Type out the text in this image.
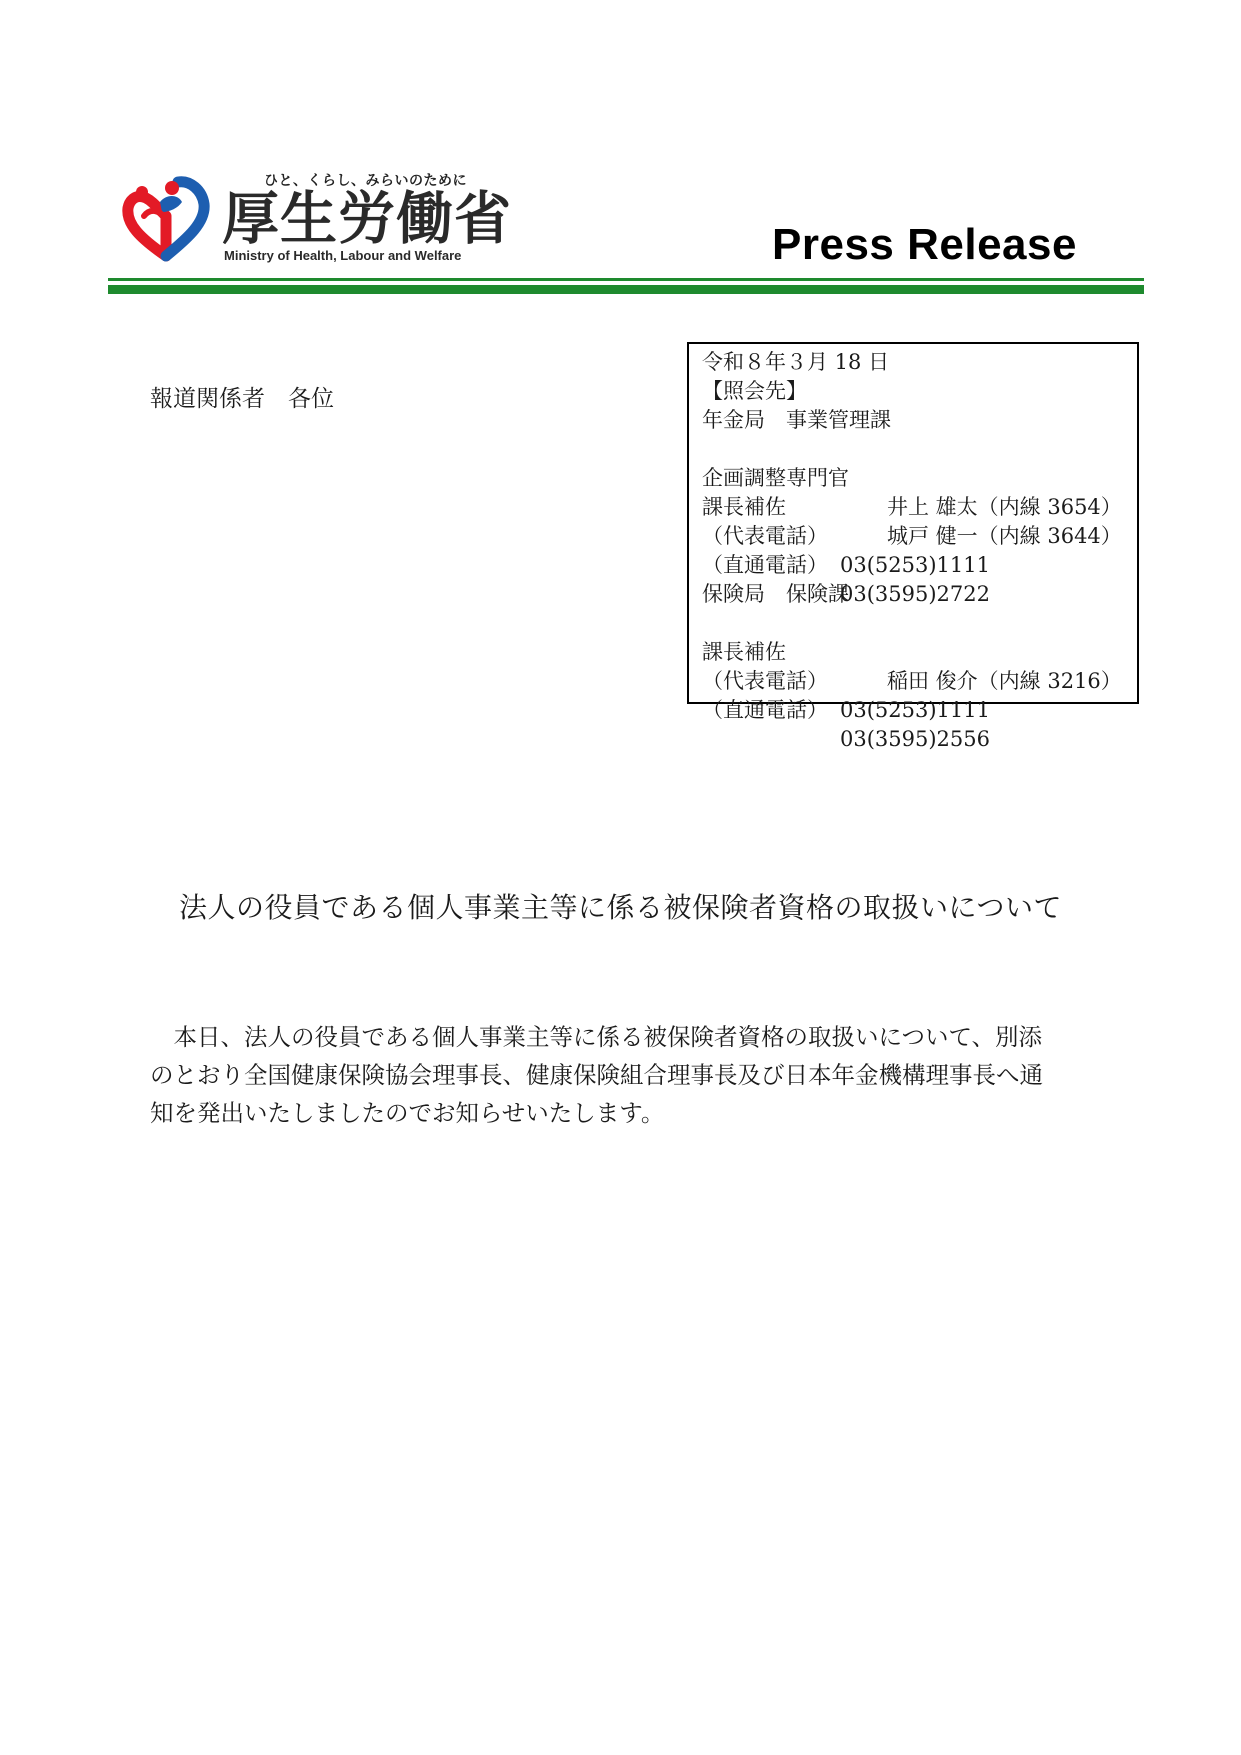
ひと、くらし、みらいのために
厚生労働省
Ministry of Health, Labour and Welfare	Press Release
報道関係者　各位
令和８年３月 18 日
【照会先】
年金局　事業管理課

企画調整専門官

井上 雄太（内線 3654）

課長補佐

城戸 健一（内線 3644）

（代表電話）

03(5253)1111

（直通電話）

03(3595)2722

保険局　保険課

課長補佐

稲田 俊介（内線 3216）

（代表電話）

03(5253)1111

（直通電話）

03(3595)2556

法人の役員である個人事業主等に係る被保険者資格の取扱いについて
　本日、法人の役員である個人事業主等に係る被保険者資格の取扱いについて、別添
のとおり全国健康保険協会理事長、健康保険組合理事長及び日本年金機構理事長へ通
知を発出いたしましたのでお知らせいたします。
